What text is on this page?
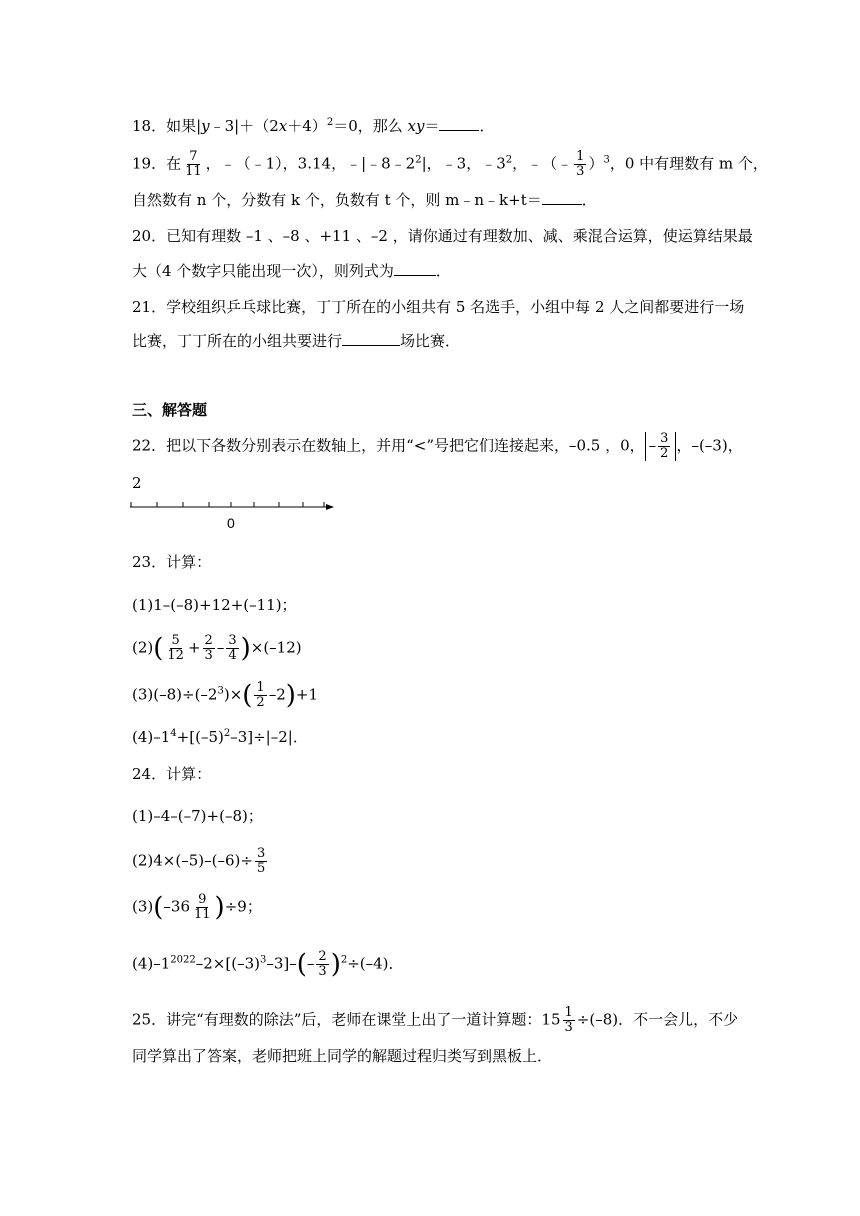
18．如果$|y﹣3|+(2x+4)^2=0$，那么 xy＝	．
19．在 $\frac{7}{11}$ ，﹣（﹣1），3.14，$﹣|﹣8﹣2^2|$，﹣3，$﹣3^2$，﹣（﹣ $\frac{1}{3} )^3$，0 中有理数有 m 个，
自然数有 n 个，分数有 k 个，负数有 t 个，则 m﹣n﹣k+t＝	．
20．已知有理数 –1 、–8 、+11 、–2 ，请你通过有理数加、减、乘混合运算，使运算结果最
大（4 个数字只能出现一次），则列式为	．
21．学校组织乒乓球比赛，丁丁所在的小组共有 5 名选手，小组中每 2 人之间都要进行一场
比赛，丁丁所在的小组共要进行	场比赛．
三、解答题
22．把以下各数分别表示在数轴上，并用“<”号把它们连接起来，–0.5 ，0， – $\frac{3}{2}$ ，–(–3)，
2
0
23．计算：
(1)1–(–8)+12+(–11)；
$(2)( \frac{5}{12} + \frac{2}{3} - \frac{3}{4} )\times(-12)$
$(3)(-8)\div(-2^3)\times( \frac{1}{2} -2)+1$
$(4)-1^4+[(-5)^2-3]\div|-2|$．
24．计算：
(1)–4–(–7)+(–8)；
$(2)4\times(-5)-(-6)\div \frac{3}{5}$
$(3)(-36 \frac{9}{11} )\div 9$；
$(4)-1^{2022}-2\times[(-3)^3-3]-(- \frac{2}{3} )^2\div(-4)$．
25．讲完“有理数的除法”后，老师在课堂上出了一道计算题：$15 \frac{1}{3} \div(-8)$．不一会儿，不少
同学算出了答案，老师把班上同学的解题过程归类写到黑板上．
